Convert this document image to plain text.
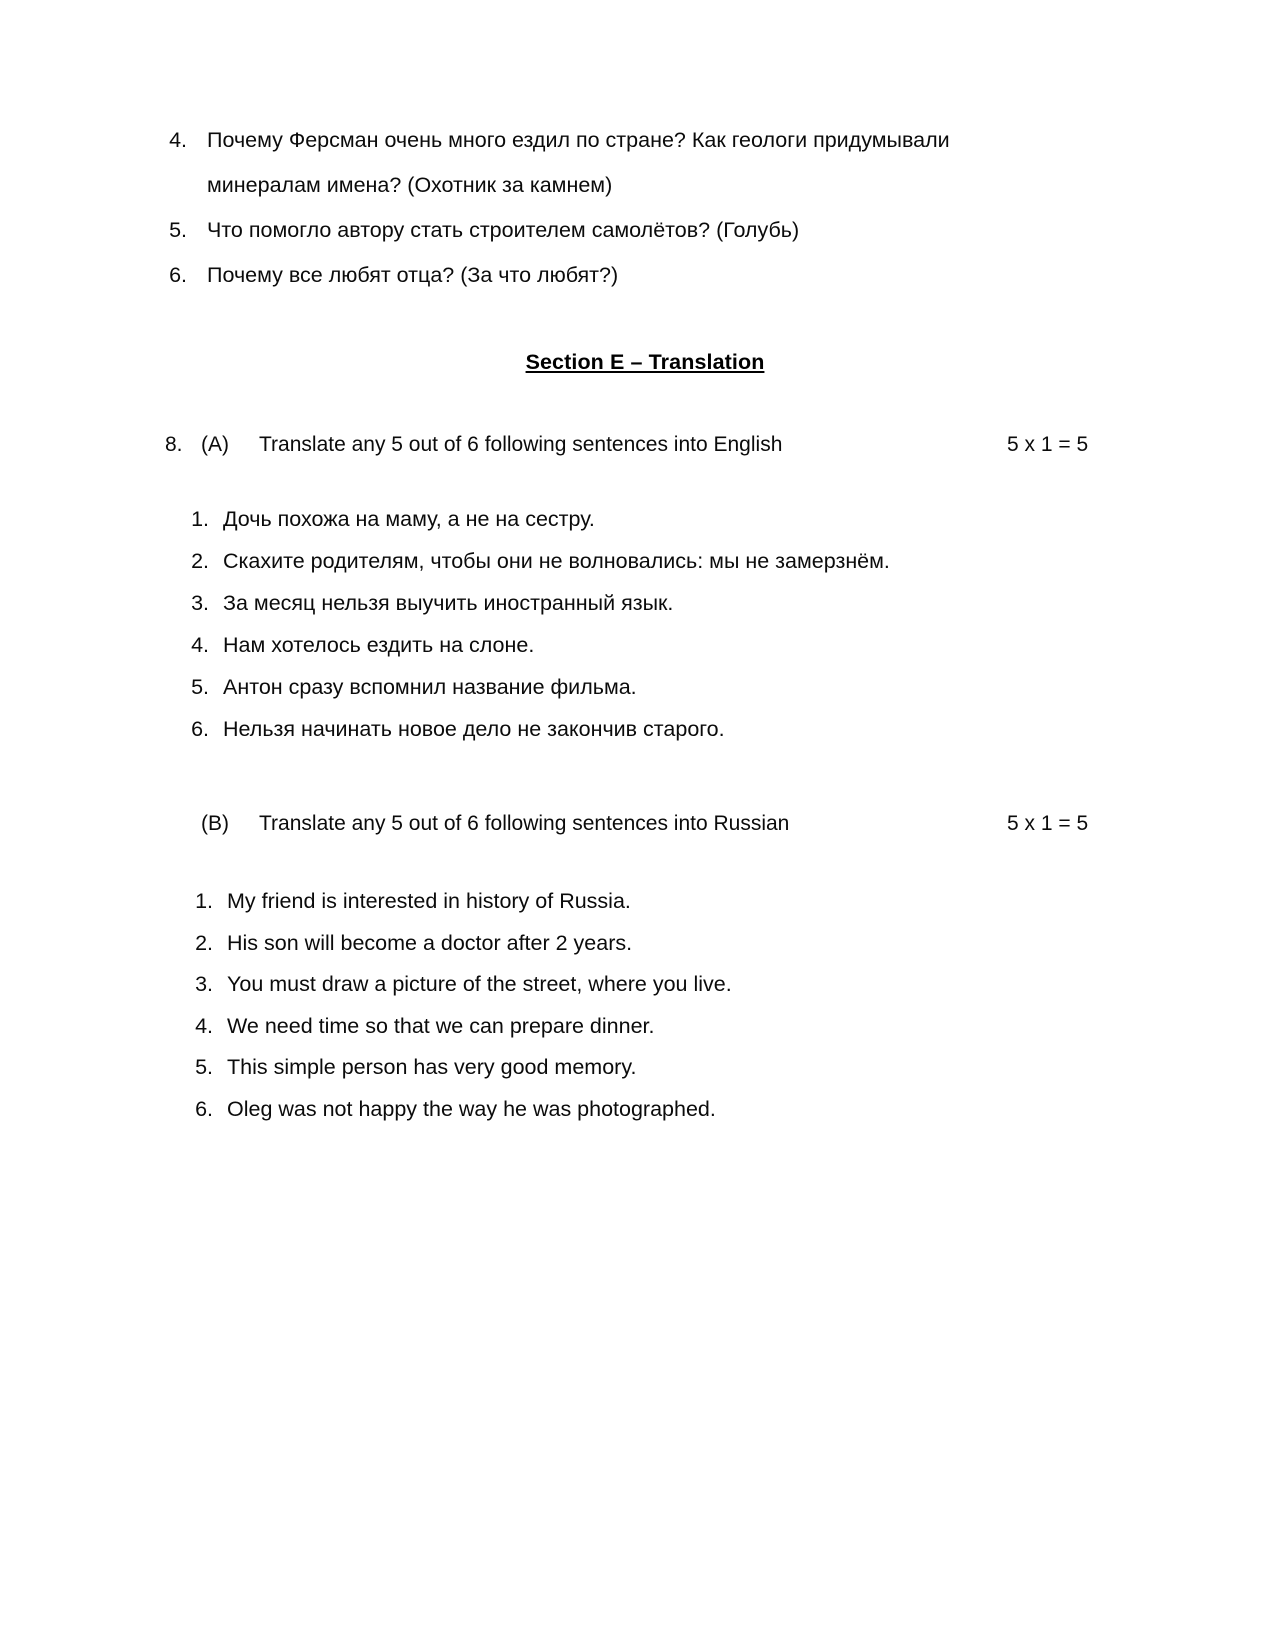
4. Почему Ферсман очень много ездил по стране? Как геологи придумывали минералам имена? (Охотник за камнем)
5. Что помогло автору стать строителем самолётов? (Голубь)
6. Почему все любят отца? (За что любят?)
Section E – Translation
8. (A)	Translate any 5 out of 6 following sentences into English	5 x 1 = 5
1. Дочь похожа на маму, а не на сестру.
2. Скахите родителям, чтобы они не волновались: мы не замерзнём.
3. За месяц нельзя выучить иностранный язык.
4. Нам хотелось ездить на слоне.
5. Антон сразу вспомнил название фильма.
6. Нельзя начинать новое дело не закончив старого.
(B)	Translate any 5 out of 6 following sentences into Russian	5 x 1 = 5
1. My friend is interested in history of Russia.
2. His son will become a doctor after 2 years.
3. You must draw a picture of the street, where you live.
4. We need time so that we can prepare dinner.
5. This simple person has very good memory.
6. Oleg was not happy the way he was photographed.
